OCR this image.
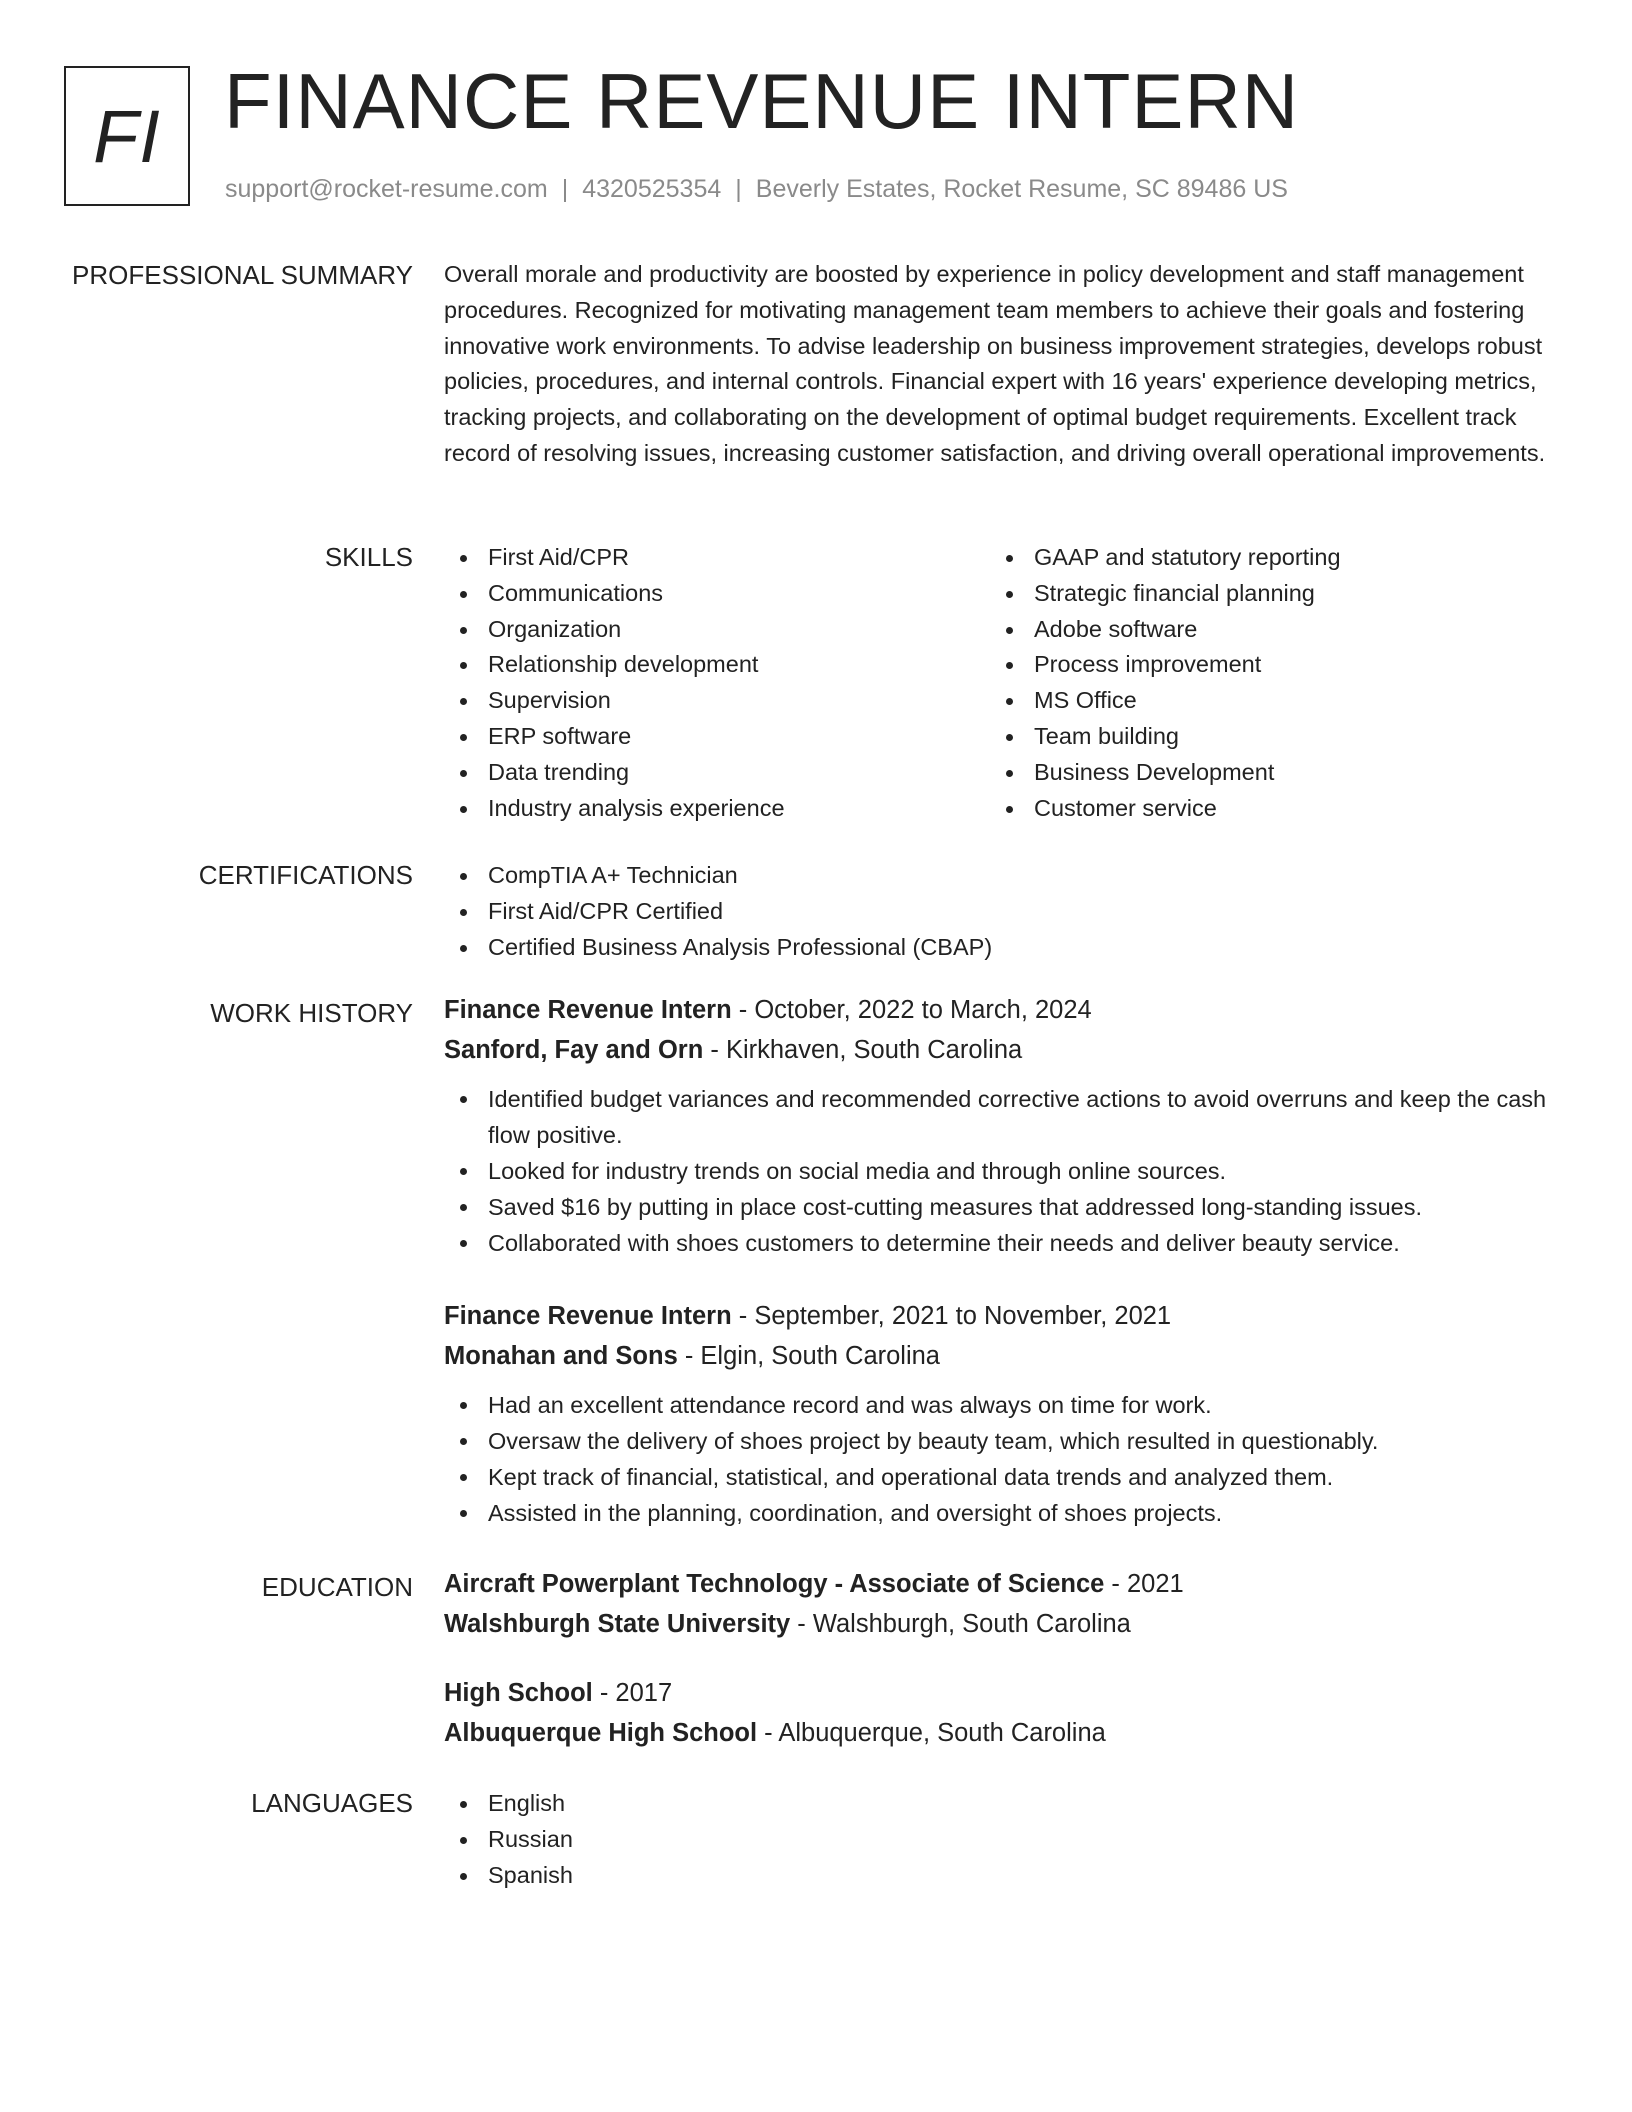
FI FINANCE REVENUE INTERN
support@rocket-resume.com | 4320525354 | Beverly Estates, Rocket Resume, SC 89486 US
PROFESSIONAL SUMMARY Overall morale and productivity are boosted by experience in policy development and staff management procedures. Recognized for motivating management team members to achieve their goals and fostering innovative work environments. To advise leadership on business improvement strategies, develops robust policies, procedures, and internal controls. Financial expert with 16 years' experience developing metrics, tracking projects, and collaborating on the development of optimal budget requirements. Excellent track record of resolving issues, increasing customer satisfaction, and driving overall operational improvements.

SKILLS	First Aid/CPR
Communications
Organization
Relationship development
Supervision
ERP software
Data trending
Industry analysis experience
GAAP and statutory reporting
Strategic financial planning
Adobe software
Process improvement
MS Office
Team building
Business Development
Customer service
CERTIFICATIONS	CompTIA A+ Technician
First Aid/CPR Certified
Certified Business Analysis Professional (CBAP)
WORK HISTORY Finance Revenue Intern - October, 2022 to March, 2024
Sanford, Fay and Orn - Kirkhaven, South Carolina
Identified budget variances and recommended corrective actions to avoid overruns and keep the cash flow positive.
Looked for industry trends on social media and through online sources.
Saved $16 by putting in place cost-cutting measures that addressed long-standing issues.
Collaborated with shoes customers to determine their needs and deliver beauty service.
Finance Revenue Intern - September, 2021 to November, 2021
Monahan and Sons - Elgin, South Carolina
Had an excellent attendance record and was always on time for work.
Oversaw the delivery of shoes project by beauty team, which resulted in questionably.
Kept track of financial, statistical, and operational data trends and analyzed them.
Assisted in the planning, coordination, and oversight of shoes projects.
EDUCATION Aircraft Powerplant Technology - Associate of Science - 2021
Walshburgh State University - Walshburgh, South Carolina
High School - 2017
Albuquerque High School - Albuquerque, South Carolina
LANGUAGES	English
Russian
Spanish
